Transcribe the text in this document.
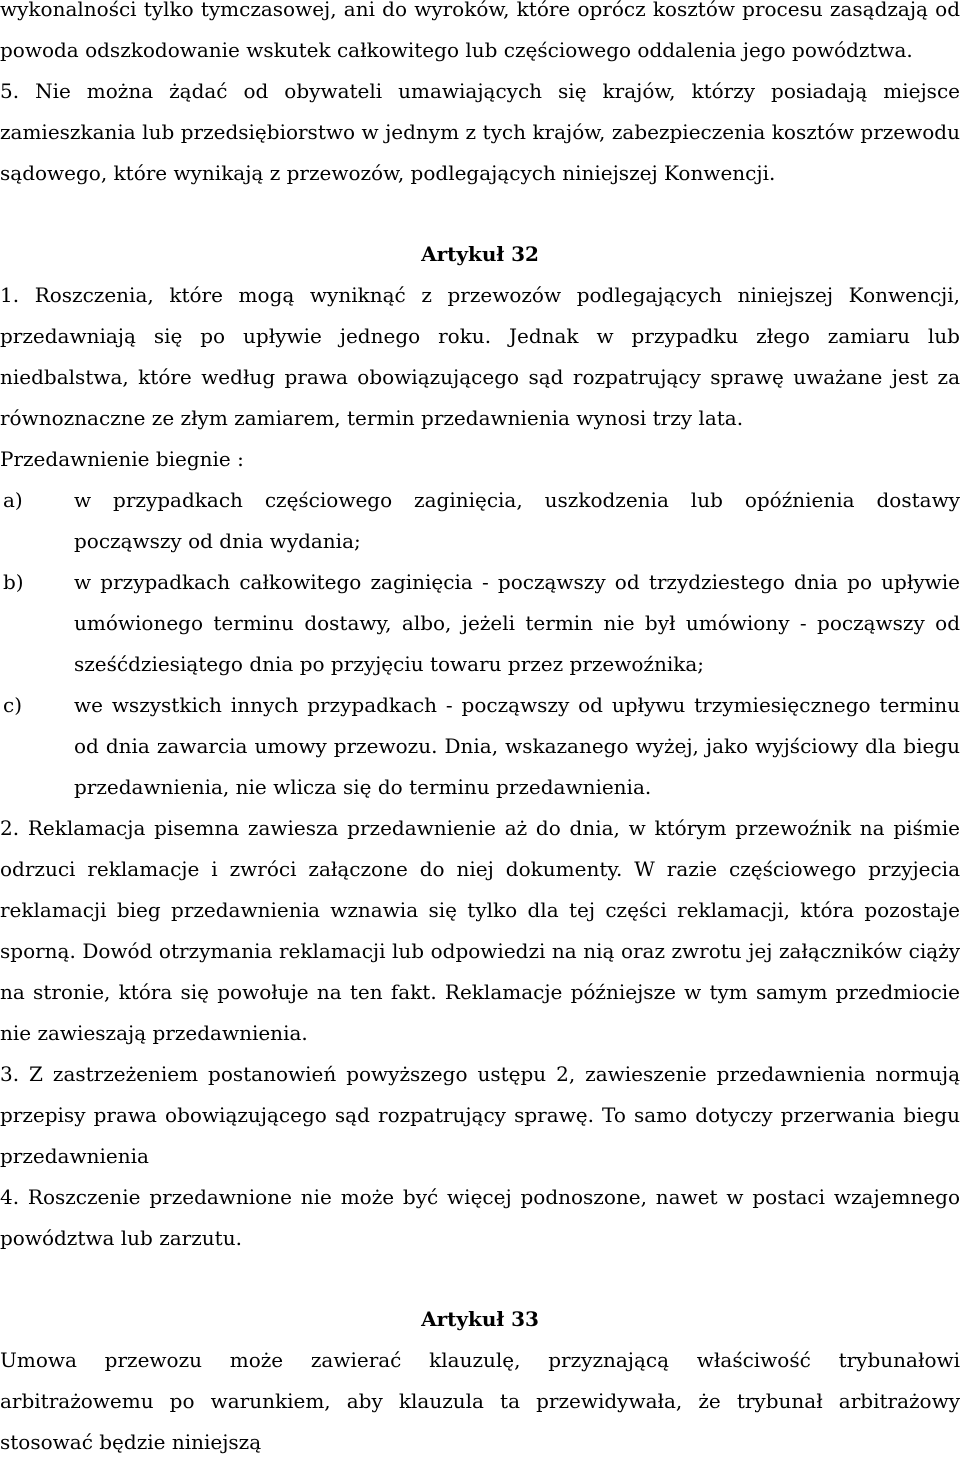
wykonalności tylko tymczasowej, ani do wyroków, które oprócz kosztów procesu zasądzają od powoda odszkodowanie wskutek całkowitego lub częściowego oddalenia jego powództwa.

5. Nie można żądać od obywateli umawiających się krajów, którzy posiadają miejsce zamieszkania lub przedsiębiorstwo w jednym z tych krajów, zabezpieczenia kosztów przewodu sądowego, które wynikają z przewozów, podlegających niniejszej Konwencji.

Artykuł 32

1. Roszczenia, które mogą wyniknąć z przewozów podlegających niniejszej Konwencji, przedawniają się po upływie jednego roku. Jednak w przypadku złego zamiaru lub niedbalstwa, które według prawa obowiązującego sąd rozpatrujący sprawę uważane jest za równoznaczne ze złym zamiarem, termin przedawnienia wynosi trzy lata.

Przedawnienie biegnie :

a)	w przypadkach częściowego zaginięcia, uszkodzenia lub opóźnienia dostawy począwszy od dnia wydania;

b)	w przypadkach całkowitego zaginięcia - począwszy od trzydziestego dnia po upływie umówionego terminu dostawy, albo, jeżeli termin nie był umówiony - począwszy od sześćdziesiątego dnia po przyjęciu towaru przez przewoźnika;

c)	we wszystkich innych przypadkach - począwszy od upływu trzymiesięcznego terminu od dnia zawarcia umowy przewozu. Dnia, wskazanego wyżej, jako wyjściowy dla biegu przedawnienia, nie wlicza się do terminu przedawnienia.

2. Reklamacja pisemna zawiesza przedawnienie aż do dnia, w którym przewoźnik na piśmie odrzuci reklamacje i zwróci załączone do niej dokumenty. W razie częściowego przyjecia reklamacji bieg przedawnienia wznawia się tylko dla tej części reklamacji, która pozostaje sporną. Dowód otrzymania reklamacji lub odpowiedzi na nią oraz zwrotu jej załączników ciąży na stronie, która się powołuje na ten fakt. Reklamacje późniejsze w tym samym przedmiocie nie zawieszają przedawnienia.

3. Z zastrzeżeniem postanowień powyższego ustępu 2, zawieszenie przedawnienia normują przepisy prawa obowiązującego sąd rozpatrujący sprawę. To samo dotyczy przerwania biegu przedawnienia

4. Roszczenie przedawnione nie może być więcej podnoszone, nawet w postaci wzajemnego powództwa lub zarzutu.

Artykuł 33

Umowa przewozu może zawierać klauzulę, przyznającą właściwość trybunałowi arbitrażowemu po warunkiem, aby klauzula ta przewidywała, że trybunał arbitrażowy stosować będzie niniejszą
